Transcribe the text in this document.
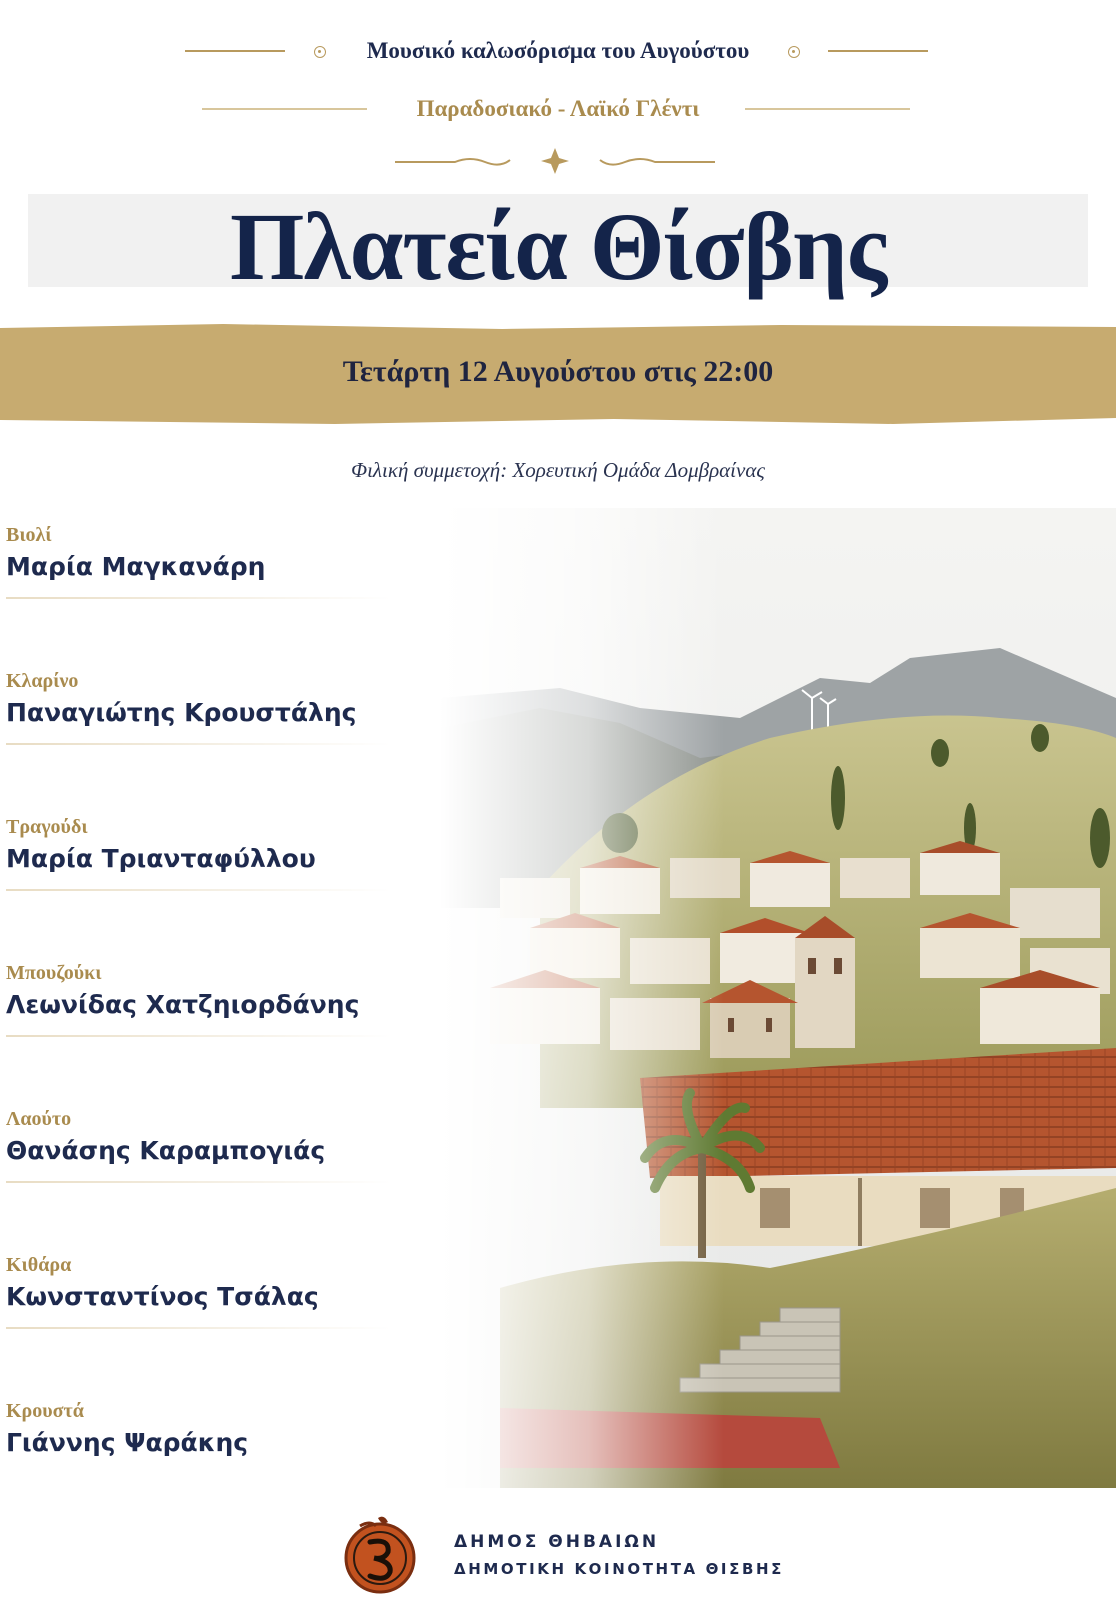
Μουσικό καλωσόρισμα του Αυγούστου
Παραδοσιακό - Λαϊκό Γλέντι
Πλατεία Θίσβης
Τετάρτη 12 Αυγούστου στις 22:00
Φιλική συμμετοχή: Χορευτική Ομάδα Δομβραίνας
Βιολί
Μαρία Μαγκανάρη
Κλαρίνο
Παναγιώτης Κρουστάλης
Τραγούδι
Μαρία Τριανταφύλλου
Μπουζούκι
Λεωνίδας Χατζηιορδάνης
Λαούτο
Θανάσης Καραμπογιάς
Κιθάρα
Κωνσταντίνος Τσάλας
Κρουστά
Γιάννης Ψαράκης
ΔΗΜΟΣ ΘΗΒΑΙΩΝ
ΔΗΜΟΤΙΚΗ ΚΟΙΝΟΤΗΤΑ ΘΙΣΒΗΣ
